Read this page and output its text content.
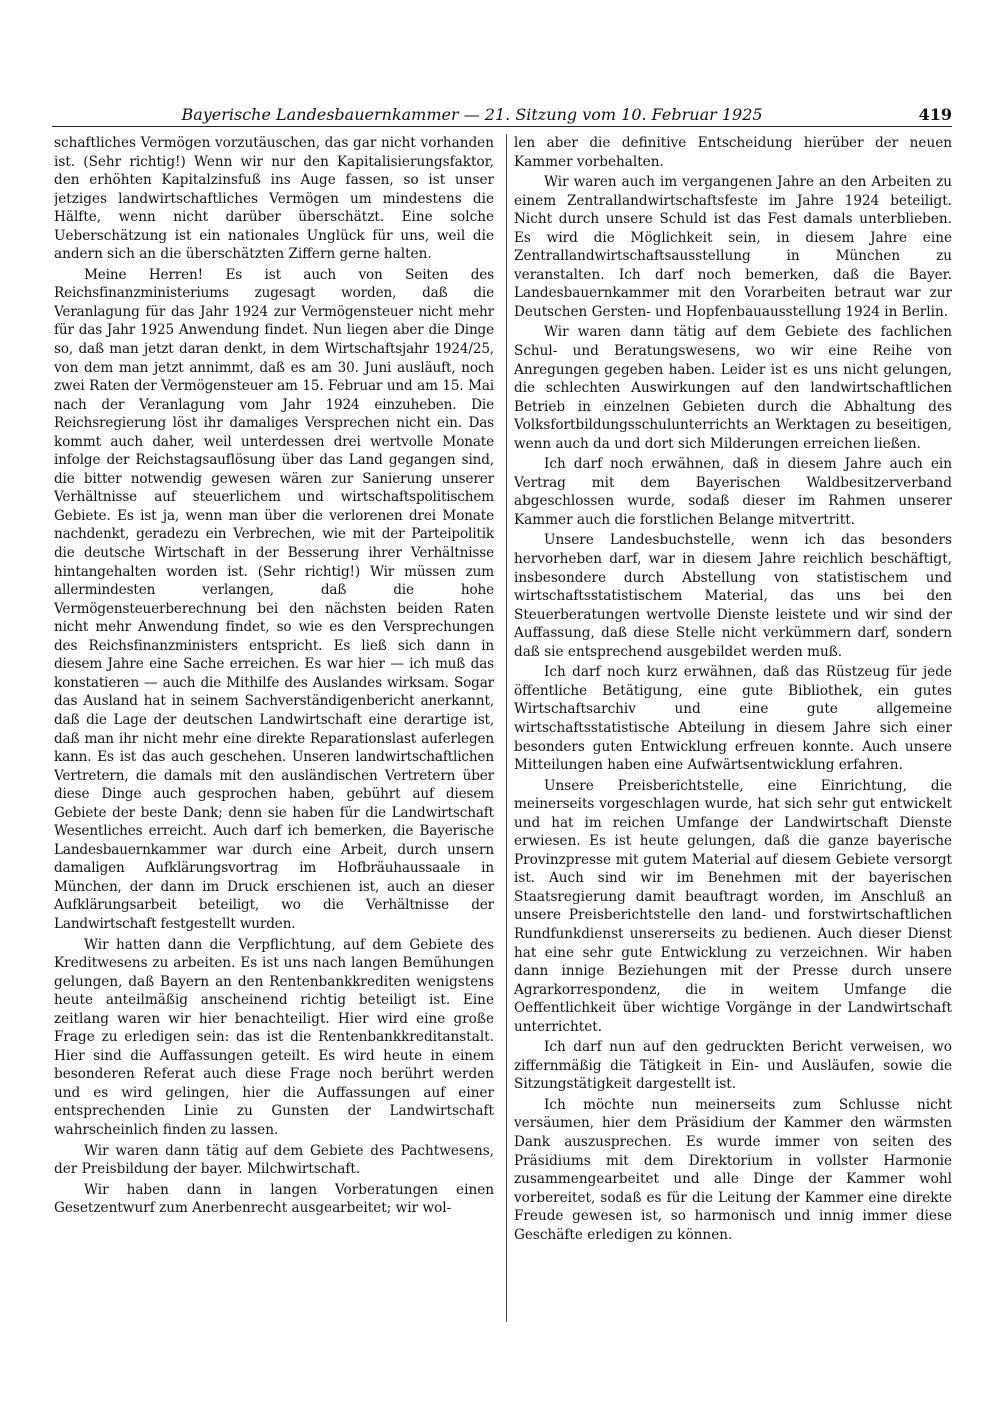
Bayerische Landesbauernkammer — 21. Sitzung vom 10. Februar 1925	419

schaftliches Vermögen vorzutäuschen, das gar nicht vorhanden ist. (Sehr richtig!) Wenn wir nur den Kapitalisierungsfaktor, den erhöhten Kapitalzinsfuß ins Auge fassen, so ist unser jetziges landwirtschaftliches Vermögen um mindestens die Hälfte, wenn nicht darüber überschätzt. Eine solche Ueberschätzung ist ein nationales Unglück für uns, weil die andern sich an die überschätzten Ziffern gerne halten.

Meine Herren! Es ist auch von Seiten des Reichsfinanzministeriums zugesagt worden, daß die Veranlagung für das Jahr 1924 zur Vermögensteuer nicht mehr für das Jahr 1925 Anwendung findet. Nun liegen aber die Dinge so, daß man jetzt daran denkt, in dem Wirtschaftsjahr 1924/25, von dem man jetzt annimmt, daß es am 30. Juni ausläuft, noch zwei Raten der Vermögensteuer am 15. Februar und am 15. Mai nach der Veranlagung vom Jahr 1924 einzuheben. Die Reichsregierung löst ihr damaliges Versprechen nicht ein. Das kommt auch daher, weil unterdessen drei wertvolle Monate infolge der Reichstagsauflösung über das Land gegangen sind, die bitter notwendig gewesen wären zur Sanierung unserer Verhältnisse auf steuerlichem und wirtschaftspolitischem Gebiete. Es ist ja, wenn man über die verlorenen drei Monate nachdenkt, geradezu ein Verbrechen, wie mit der Parteipolitik die deutsche Wirtschaft in der Besserung ihrer Verhältnisse hintangehalten worden ist. (Sehr richtig!) Wir müssen zum allermindesten verlangen, daß die hohe Vermögensteuerberechnung bei den nächsten beiden Raten nicht mehr Anwendung findet, so wie es den Versprechungen des Reichsfinanzministers entspricht. Es ließ sich dann in diesem Jahre eine Sache erreichen. Es war hier — ich muß das konstatieren — auch die Mithilfe des Auslandes wirksam. Sogar das Ausland hat in seinem Sachverständigenbericht anerkannt, daß die Lage der deutschen Landwirtschaft eine derartige ist, daß man ihr nicht mehr eine direkte Reparationslast auferlegen kann. Es ist das auch geschehen. Unseren landwirtschaftlichen Vertretern, die damals mit den ausländischen Vertretern über diese Dinge auch gesprochen haben, gebührt auf diesem Gebiete der beste Dank; denn sie haben für die Landwirtschaft Wesentliches erreicht. Auch darf ich bemerken, die Bayerische Landesbauernkammer war durch eine Arbeit, durch unsern damaligen Aufklärungsvortrag im Hofbräuhaussaale in München, der dann im Druck erschienen ist, auch an dieser Aufklärungsarbeit beteiligt, wo die Verhältnisse der Landwirtschaft festgestellt wurden.

Wir hatten dann die Verpflichtung, auf dem Gebiete des Kreditwesens zu arbeiten. Es ist uns nach langen Bemühungen gelungen, daß Bayern an den Rentenbankkrediten wenigstens heute anteilmäßig anscheinend richtig beteiligt ist. Eine zeitlang waren wir hier benachteiligt. Hier wird eine große Frage zu erledigen sein: das ist die Rentenbankkreditanstalt. Hier sind die Auffassungen geteilt. Es wird heute in einem besonderen Referat auch diese Frage noch berührt werden und es wird gelingen, hier die Auffassungen auf einer entsprechenden Linie zu Gunsten der Landwirtschaft wahrscheinlich finden zu lassen.

Wir waren dann tätig auf dem Gebiete des Pachtwesens, der Preisbildung der bayer. Milchwirtschaft.

Wir haben dann in langen Vorberatungen einen Gesetzentwurf zum Anerbenrecht ausgearbeitet; wir wol-

len aber die definitive Entscheidung hierüber der neuen Kammer vorbehalten.

Wir waren auch im vergangenen Jahre an den Arbeiten zu einem Zentrallandwirtschaftsfeste im Jahre 1924 beteiligt. Nicht durch unsere Schuld ist das Fest damals unterblieben. Es wird die Möglichkeit sein, in diesem Jahre eine Zentrallandwirtschaftsausstellung in München zu veranstalten. Ich darf noch bemerken, daß die Bayer. Landesbauernkammer mit den Vorarbeiten betraut war zur Deutschen Gersten- und Hopfenbauausstellung 1924 in Berlin.

Wir waren dann tätig auf dem Gebiete des fachlichen Schul- und Beratungswesens, wo wir eine Reihe von Anregungen gegeben haben. Leider ist es uns nicht gelungen, die schlechten Auswirkungen auf den landwirtschaftlichen Betrieb in einzelnen Gebieten durch die Abhaltung des Volksfortbildungsschulunterrichts an Werktagen zu beseitigen, wenn auch da und dort sich Milderungen erreichen ließen.

Ich darf noch erwähnen, daß in diesem Jahre auch ein Vertrag mit dem Bayerischen Waldbesitzerverband abgeschlossen wurde, sodaß dieser im Rahmen unserer Kammer auch die forstlichen Belange mitvertritt.

Unsere Landesbuchstelle, wenn ich das besonders hervorheben darf, war in diesem Jahre reichlich beschäftigt, insbesondere durch Abstellung von statistischem und wirtschaftsstatistischem Material, das uns bei den Steuerberatungen wertvolle Dienste leistete und wir sind der Auffassung, daß diese Stelle nicht verkümmern darf, sondern daß sie entsprechend ausgebildet werden muß.

Ich darf noch kurz erwähnen, daß das Rüstzeug für jede öffentliche Betätigung, eine gute Bibliothek, ein gutes Wirtschaftsarchiv und eine gute allgemeine wirtschaftsstatistische Abteilung in diesem Jahre sich einer besonders guten Entwicklung erfreuen konnte. Auch unsere Mitteilungen haben eine Aufwärtsentwicklung erfahren.

Unsere Preisberichtstelle, eine Einrichtung, die meinerseits vorgeschlagen wurde, hat sich sehr gut entwickelt und hat im reichen Umfange der Landwirtschaft Dienste erwiesen. Es ist heute gelungen, daß die ganze bayerische Provinzpresse mit gutem Material auf diesem Gebiete versorgt ist. Auch sind wir im Benehmen mit der bayerischen Staatsregierung damit beauftragt worden, im Anschluß an unsere Preisberichtstelle den land- und forstwirtschaftlichen Rundfunkdienst unsererseits zu bedienen. Auch dieser Dienst hat eine sehr gute Entwicklung zu verzeichnen. Wir haben dann innige Beziehungen mit der Presse durch unsere Agrarkorrespondenz, die in weitem Umfange die Oeffentlichkeit über wichtige Vorgänge in der Landwirtschaft unterrichtet.

Ich darf nun auf den gedruckten Bericht verweisen, wo ziffernmäßig die Tätigkeit in Ein- und Ausläufen, sowie die Sitzungstätigkeit dargestellt ist.

Ich möchte nun meinerseits zum Schlusse nicht versäumen, hier dem Präsidium der Kammer den wärmsten Dank auszusprechen. Es wurde immer von seiten des Präsidiums mit dem Direktorium in vollster Harmonie zusammengearbeitet und alle Dinge der Kammer wohl vorbereitet, sodaß es für die Leitung der Kammer eine direkte Freude gewesen ist, so harmonisch und innig immer diese Geschäfte erledigen zu können.
